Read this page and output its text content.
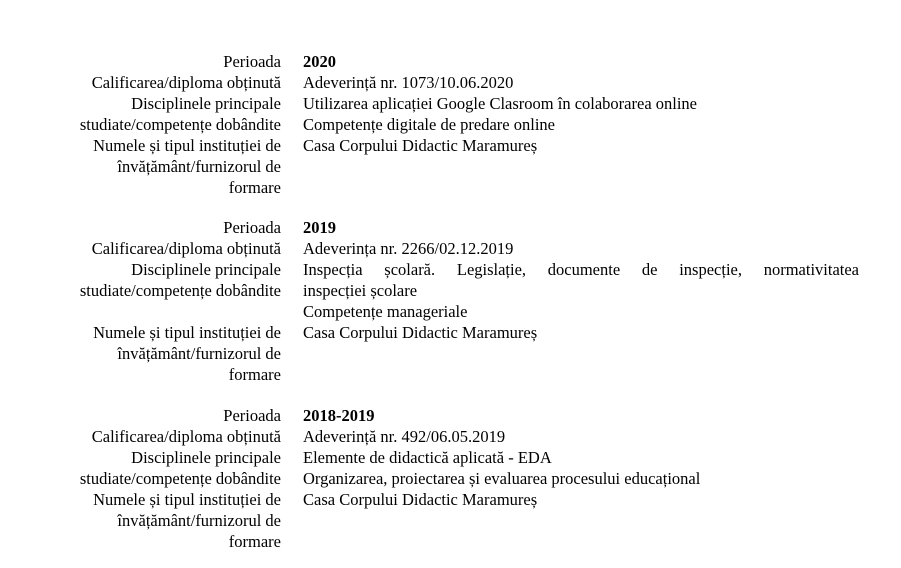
Perioada 2020
Calificarea/diploma obținută Adeverință nr. 1073/10.06.2020
Disciplinele principale Utilizarea aplicației Google Clasroom în colaborarea online
studiate/competențe dobândite Competențe digitale de predare online
Numele și tipul instituției de Casa Corpului Didactic Maramureș
învățământ/furnizorul de
formare
Perioada 2019
Calificarea/diploma obținută Adeverința nr. 2266/02.12.2019
Disciplinele principale Inspecția școlară. Legislație, documente de inspecție, normativitatea
studiate/competențe dobândite inspecției școlare
Competențe manageriale
Numele și tipul instituției de Casa Corpului Didactic Maramureș
învățământ/furnizorul de
formare
Perioada 2018-2019
Calificarea/diploma obținută Adeverință nr. 492/06.05.2019
Disciplinele principale Elemente de didactică aplicată - EDA
studiate/competențe dobândite Organizarea, proiectarea și evaluarea procesului educațional
Numele și tipul instituției de Casa Corpului Didactic Maramureș
învățământ/furnizorul de
formare
